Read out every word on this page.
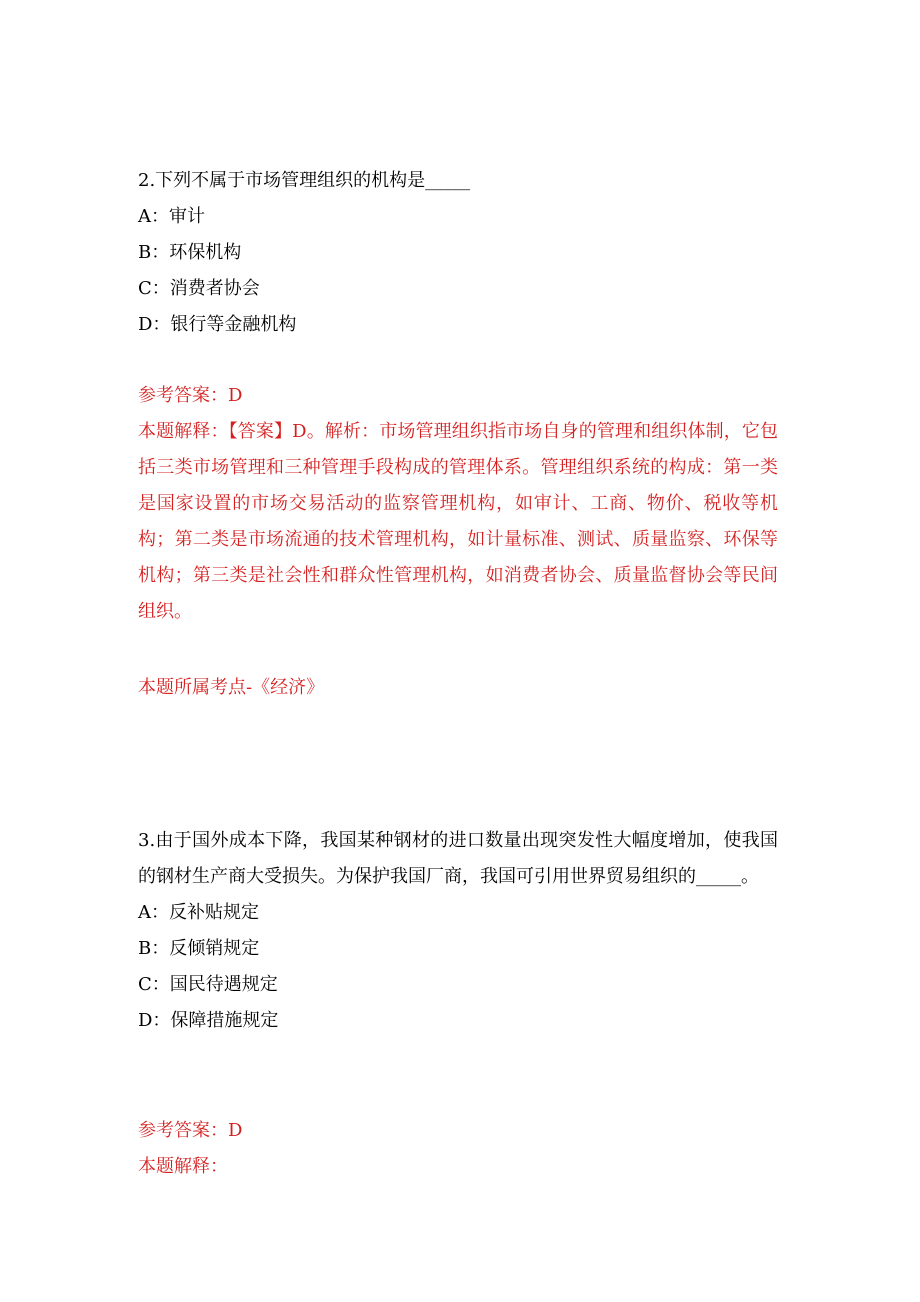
2.下列不属于市场管理组织的机构是_____
A：审计
B：环保机构
C：消费者协会
D：银行等金融机构
参考答案：D
本题解释：【答案】D。解析：市场管理组织指市场自身的管理和组织体制，它包括三类市场管理和三种管理手段构成的管理体系。管理组织系统的构成：第一类是国家设置的市场交易活动的监察管理机构，如审计、工商、物价、税收等机构；第二类是市场流通的技术管理机构，如计量标准、测试、质量监察、环保等机构；第三类是社会性和群众性管理机构，如消费者协会、质量监督协会等民间组织。
本题所属考点-《经济》
3.由于国外成本下降，我国某种钢材的进口数量出现突发性大幅度增加，使我国的钢材生产商大受损失。为保护我国厂商，我国可引用世界贸易组织的_____。
A：反补贴规定
B：反倾销规定
C：国民待遇规定
D：保障措施规定
参考答案：D
本题解释：
